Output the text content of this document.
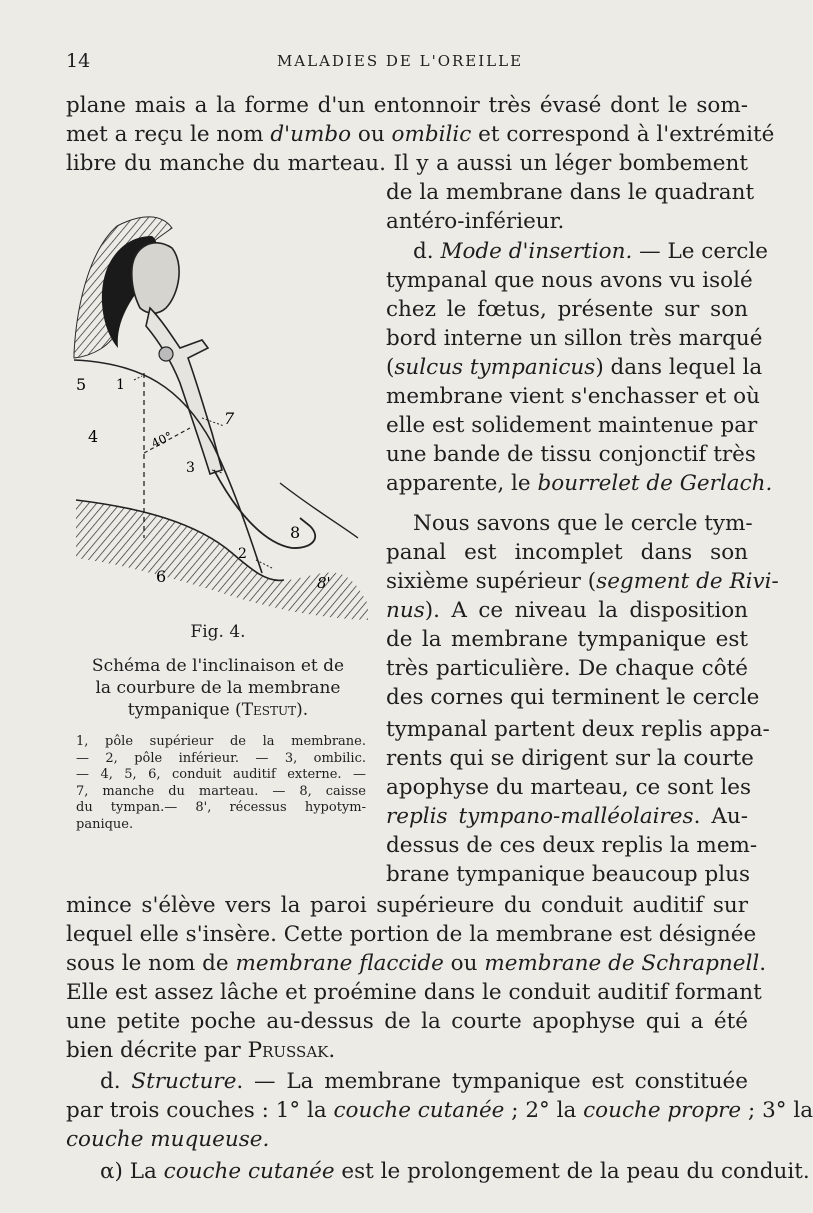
14	MALADIES DE L'OREILLE
plane mais a la forme d'un entonnoir très évasé dont le som-
met a reçu le nom d'umbo ou ombilic et correspond à l'extrémité
libre du manche du marteau. Il y a aussi un léger bombement
de la membrane dans le quadrant
antéro-inférieur.
d. Mode d'insertion. — Le cercle
tympanal que nous avons vu isolé
chez le fœtus, présente sur son
bord interne un sillon très marqué
(sulcus tympanicus) dans lequel la
membrane vient s'enchasser et où
elle est solidement maintenue par
une bande de tissu conjonctif très
apparente, le bourrelet de Gerlach.
Nous savons que le cercle tym-
panal est incomplet dans son
sixième supérieur (segment de Rivi-
nus). A ce niveau la disposition
de la membrane tympanique est
très particulière. De chaque côté
des cornes qui terminent le cercle
tympanal partent deux replis appa-
rents qui se dirigent sur la courte
apophyse du marteau, ce sont les
replis tympano-malléolaires. Au-
dessus de ces deux replis la mem-
brane tympanique beaucoup plus
mince s'élève vers la paroi supérieure du conduit auditif sur
lequel elle s'insère. Cette portion de la membrane est désignée
sous le nom de membrane flaccide ou membrane de Schrapnell.
Elle est assez lâche et proémine dans le conduit auditif formant
une petite poche au-dessus de la courte apophyse qui a été
bien décrite par Prussak.
d. Structure. — La membrane tympanique est constituée
par trois couches : 1° la couche cutanée ; 2° la couche propre ; 3° la
couche muqueuse.
α) La couche cutanée est le prolongement de la peau du conduit.
5 1
4	40°
7
3
8
2
6	8'
Fig. 4.
Schéma de l'inclinaison et de
la courbure de la membrane
tympanique (Testut).
1, pôle supérieur de la membrane.
— 2, pôle inférieur. — 3, ombilic.
— 4, 5, 6, conduit auditif externe. —
7, manche du marteau. — 8, caisse
du tympan.— 8', récessus hypotym-
panique.
